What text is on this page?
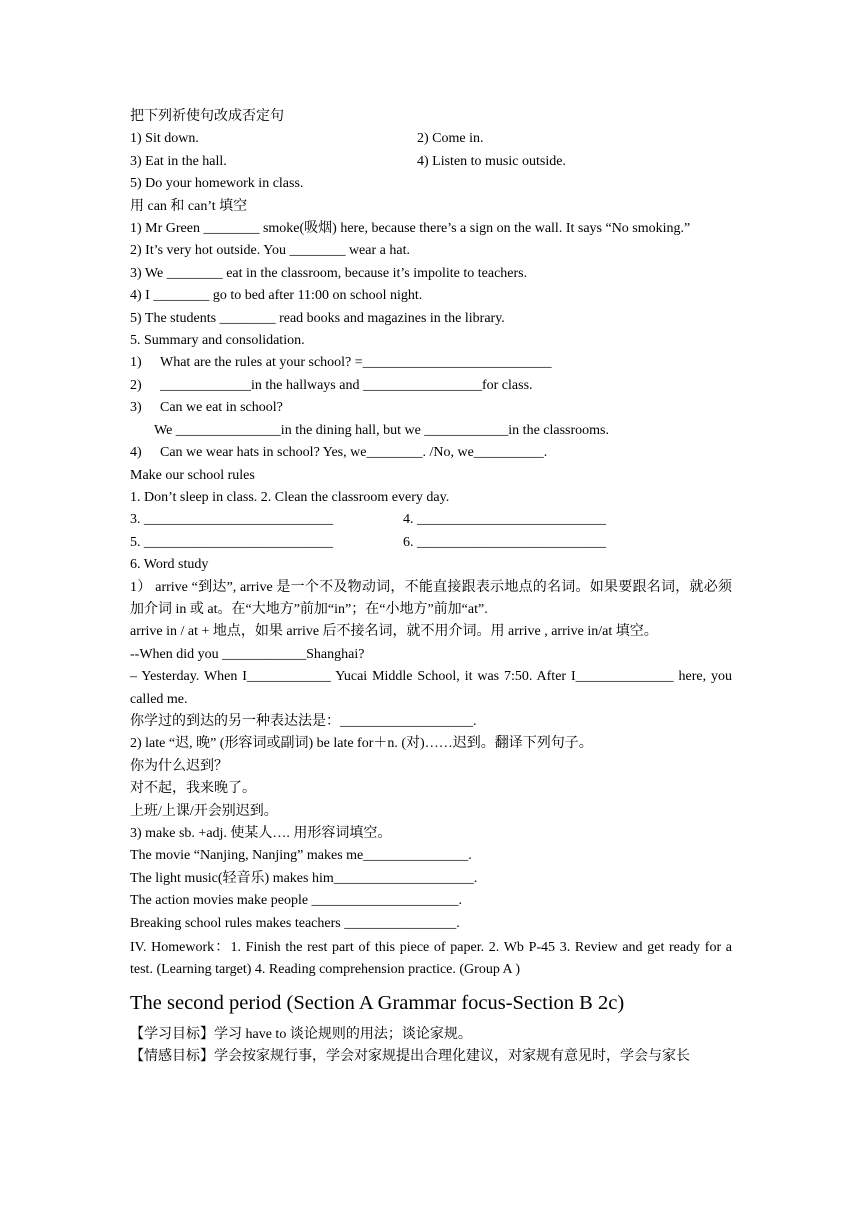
把下列祈使句改成否定句
1) Sit down.	2) Come in.
3) Eat in the hall.	4) Listen to music outside.
5) Do your homework in class.
用 can 和 can’t 填空
1) Mr Green ________ smoke(吸烟) here, because there’s a sign on the wall. It says “No smoking.”
2) It’s very hot outside. You ________ wear a hat.
3) We ________ eat in the classroom, because it’s impolite to teachers.
4) I ________ go to bed after 11:00 on school night.
5) The students ________ read books and magazines in the library.
5. Summary and consolidation.
1) What are the rules at your school? =___________________________
2) _____________in the hallways and _________________for class.
3) Can we eat in school?
We _______________in the dining hall, but we ____________in the classrooms.
4) Can we wear hats in school? Yes, we________. /No, we__________.
Make our school rules
1. Don’t sleep in class. 2. Clean the classroom every day.
3. ___________________________	4. ___________________________
5. ___________________________	6. ___________________________
6. Word study
1） arrive “到达”, arrive 是一个不及物动词，不能直接跟表示地点的名词。如果要跟名词，就必须加介词 in 或 at。在“大地方”前加“in”；在“小地方”前加“at”.
arrive in / at + 地点，如果 arrive 后不接名词，就不用介词。用 arrive , arrive in/at 填空。
--When did you ____________Shanghai?
– Yesterday. When I____________ Yucai Middle School, it was 7:50. After I______________ here, you called me.
你学过的到达的另一种表达法是：___________________.
2) late “迟, 晚” (形容词或副词) be late for＋n. (对)……迟到。翻译下列句子。
你为什么迟到？
对不起，我来晚了。
上班/上课/开会别迟到。
3) make sb. +adj. 使某人…. 用形容词填空。
The movie “Nanjing, Nanjing” makes me_______________.
The light music(轻音乐) makes him____________________.
The action movies make people _____________________.
Breaking school rules makes teachers ________________.
IV. Homework：1. Finish the rest part of this piece of paper. 2. Wb P-45 3. Review and get ready for a test. (Learning target) 4. Reading comprehension practice. (Group A )
The second period (Section A Grammar focus-Section B 2c)
【学习目标】学习 have to 谈论规则的用法；谈论家规。
【情感目标】学会按家规行事，学会对家规提出合理化建议，对家规有意见时，学会与家长
